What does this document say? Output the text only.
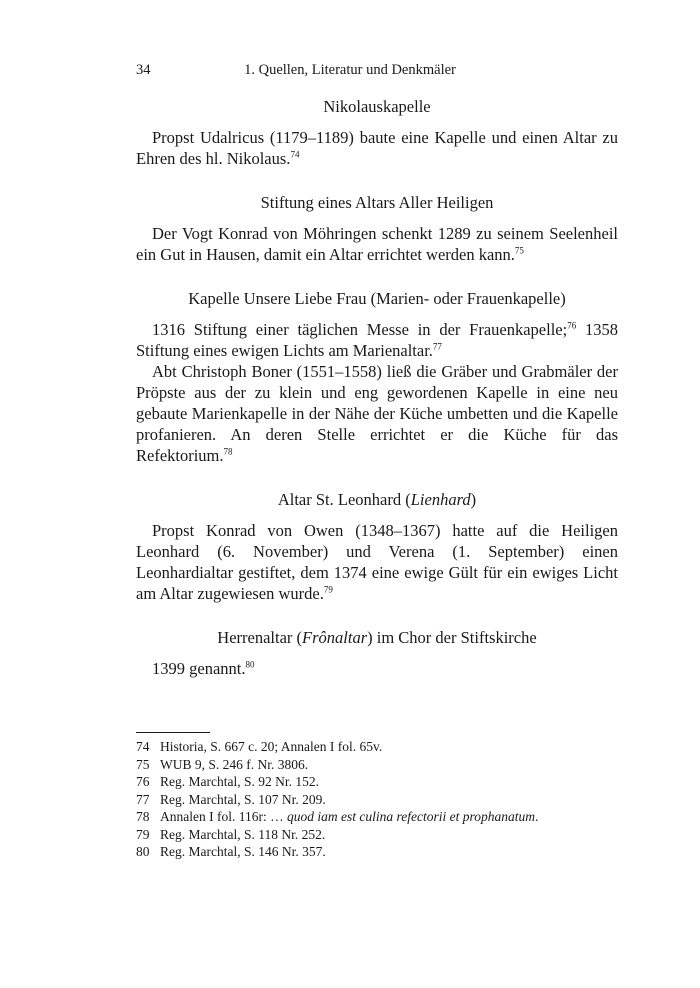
1. Quellen, Literatur und Denkmäler
34
Nikolauskapelle

Propst Udalricus (1179–1189) baute eine Kapelle und einen Altar zu Ehren des hl. Nikolaus.$^{74}$

Stiftung eines Altars Aller Heiligen

Der Vogt Konrad von Möhringen schenkt 1289 zu seinem Seelenheil ein Gut in Hausen, damit ein Altar errichtet werden kann.$^{75}$

Kapelle Unsere Liebe Frau (Marien- oder Frauenkapelle)

1316 Stiftung einer täglichen Messe in der Frauenkapelle;$^{76}$ 1358 Stiftung eines ewigen Lichts am Marienaltar.$^{77}$

Abt Christoph Boner (1551–1558) ließ die Gräber und Grabmäler der Pröpste aus der zu klein und eng gewordenen Kapelle in eine neu gebaute Marienkapelle in der Nähe der Küche umbetten und die Kapelle profanieren. An deren Stelle errichtet er die Küche für das Refektorium.$^{78}$

Altar St. Leonhard (Lienhard)

Propst Konrad von Owen (1348–1367) hatte auf die Heiligen Leonhard (6. November) und Verena (1. September) einen Leonhardialtar gestiftet, dem 1374 eine ewige Gült für ein ewiges Licht am Altar zugewiesen wurde.$^{79}$

Herrenaltar (Frônaltar) im Chor der Stiftskirche

1399 genannt.$^{80}$

74 Historia, S. 667 c. 20; Annalen I fol. 65v.
75 WUB 9, S. 246 f. Nr. 3806.
76 Reg. Marchtal, S. 92 Nr. 152.
77 Reg. Marchtal, S. 107 Nr. 209.
78 Annalen I fol. 116r: … quod iam est culina refectorii et prophanatum.
79 Reg. Marchtal, S. 118 Nr. 252.
80 Reg. Marchtal, S. 146 Nr. 357.
